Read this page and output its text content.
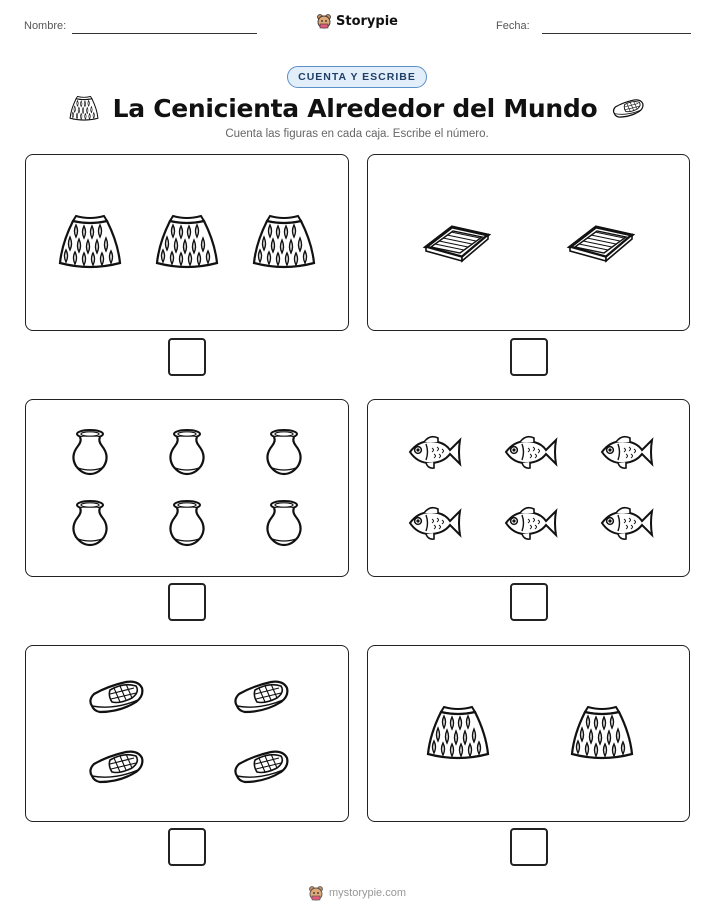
Nombre:	Storypie	Fecha:
CUENTA Y ESCRIBE
La Cenicienta Alrededor del Mundo
Cuenta las figuras en cada caja. Escribe el número.
mystorypie.com
